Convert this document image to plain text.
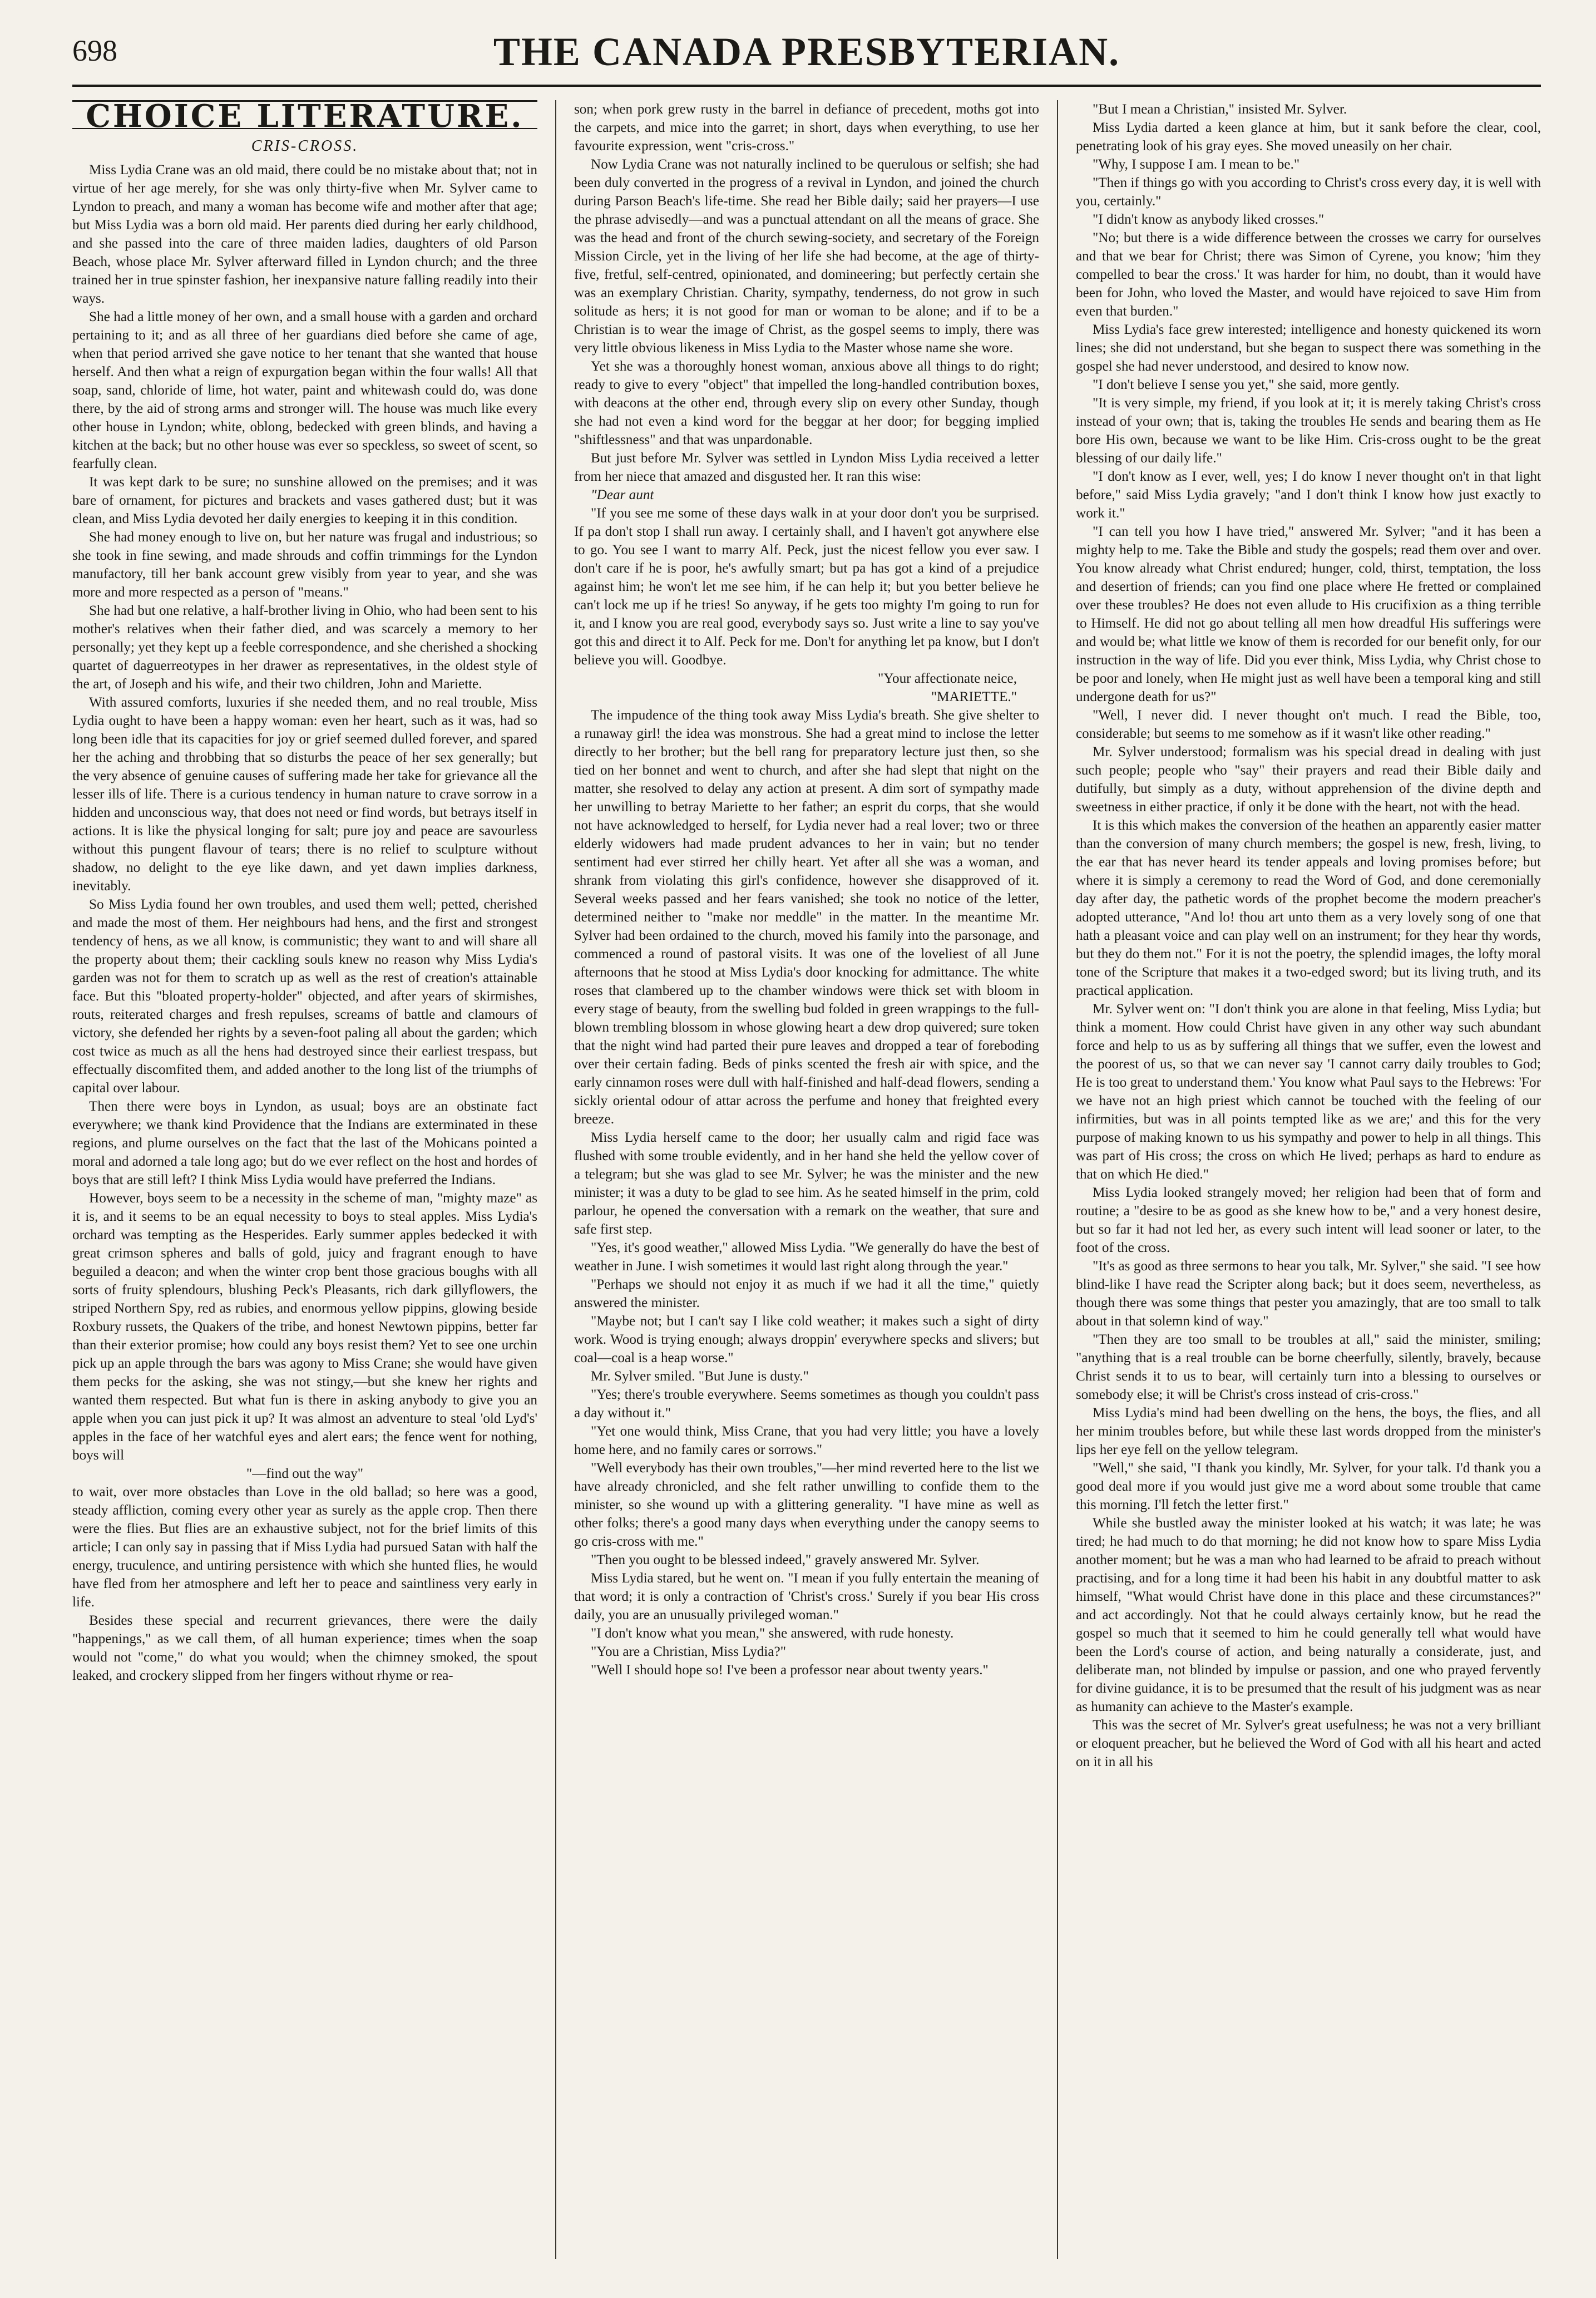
698	THE CANADA PRESBYTERIAN.
CHOICE LITERATURE.
CRIS-CROSS.

Miss Lydia Crane was an old maid, there could be no mistake about that; not in virtue of her age merely, for she was only thirty-five when Mr. Sylver came to Lyndon to preach, and many a woman has become wife and mother after that age; but Miss Lydia was a born old maid. Her parents died during her early childhood, and she passed into the care of three maiden ladies, daughters of old Parson Beach, whose place Mr. Sylver afterward filled in Lyndon church; and the three trained her in true spinster fashion, her inexpansive nature falling readily into their ways.

She had a little money of her own, and a small house with a garden and orchard pertaining to it; and as all three of her guardians died before she came of age, when that period arrived she gave notice to her tenant that she wanted that house herself. And then what a reign of expurgation began within the four walls! All that soap, sand, chloride of lime, hot water, paint and whitewash could do, was done there, by the aid of strong arms and stronger will. The house was much like every other house in Lyndon; white, oblong, bedecked with green blinds, and having a kitchen at the back; but no other house was ever so speckless, so sweet of scent, so fearfully clean.

It was kept dark to be sure; no sunshine allowed on the premises; and it was bare of ornament, for pictures and brackets and vases gathered dust; but it was clean, and Miss Lydia devoted her daily energies to keeping it in this condition.

She had money enough to live on, but her nature was frugal and industrious; so she took in fine sewing, and made shrouds and coffin trimmings for the Lyndon manufactory, till her bank account grew visibly from year to year, and she was more and more respected as a person of "means."

She had but one relative, a half-brother living in Ohio, who had been sent to his mother's relatives when their father died, and was scarcely a memory to her personally; yet they kept up a feeble correspondence, and she cherished a shocking quartet of daguerreotypes in her drawer as representatives, in the oldest style of the art, of Joseph and his wife, and their two children, John and Mariette.

With assured comforts, luxuries if she needed them, and no real trouble, Miss Lydia ought to have been a happy woman: even her heart, such as it was, had so long been idle that its capacities for joy or grief seemed dulled forever, and spared her the aching and throbbing that so disturbs the peace of her sex generally; but the very absence of genuine causes of suffering made her take for grievance all the lesser ills of life. There is a curious tendency in human nature to crave sorrow in a hidden and unconscious way, that does not need or find words, but betrays itself in actions. It is like the physical longing for salt; pure joy and peace are savourless without this pungent flavour of tears; there is no relief to sculpture without shadow, no delight to the eye like dawn, and yet dawn implies darkness, inevitably.

So Miss Lydia found her own troubles, and used them well; petted, cherished and made the most of them. Her neighbours had hens, and the first and strongest tendency of hens, as we all know, is communistic; they want to and will share all the property about them; their cackling souls knew no reason why Miss Lydia's garden was not for them to scratch up as well as the rest of creation's attainable face. But this "bloated property-holder" objected, and after years of skirmishes, routs, reiterated charges and fresh repulses, screams of battle and clamours of victory, she defended her rights by a seven-foot paling all about the garden; which cost twice as much as all the hens had destroyed since their earliest trespass, but effectually discomfited them, and added another to the long list of the triumphs of capital over labour.

Then there were boys in Lyndon, as usual; boys are an obstinate fact everywhere; we thank kind Providence that the Indians are exterminated in these regions, and plume ourselves on the fact that the last of the Mohicans pointed a moral and adorned a tale long ago; but do we ever reflect on the host and hordes of boys that are still left? I think Miss Lydia would have preferred the Indians.

However, boys seem to be a necessity in the scheme of man, "mighty maze" as it is, and it seems to be an equal necessity to boys to steal apples. Miss Lydia's orchard was tempting as the Hesperides. Early summer apples bedecked it with great crimson spheres and balls of gold, juicy and fragrant enough to have beguiled a deacon; and when the winter crop bent those gracious boughs with all sorts of fruity splendours, blushing Peck's Pleasants, rich dark gillyflowers, the striped Northern Spy, red as rubies, and enormous yellow pippins, glowing beside Roxbury russets, the Quakers of the tribe, and honest Newtown pippins, better far than their exterior promise; how could any boys resist them? Yet to see one urchin pick up an apple through the bars was agony to Miss Crane; she would have given them pecks for the asking, she was not stingy,—but she knew her rights and wanted them respected. But what fun is there in asking anybody to give you an apple when you can just pick it up? It was almost an adventure to steal 'old Lyd's' apples in the face of her watchful eyes and alert ears; the fence went for nothing, boys will

"—find out the way"

to wait, over more obstacles than Love in the old ballad; so here was a good, steady affliction, coming every other year as surely as the apple crop. Then there were the flies. But flies are an exhaustive subject, not for the brief limits of this article; I can only say in passing that if Miss Lydia had pursued Satan with half the energy, truculence, and untiring persistence with which she hunted flies, he would have fled from her atmosphere and left her to peace and saintliness very early in life.

Besides these special and recurrent grievances, there were the daily "happenings," as we call them, of all human experience; times when the soap would not "come," do what you would; when the chimney smoked, the spout leaked, and crockery slipped from her fingers without rhyme or rea-

son; when pork grew rusty in the barrel in defiance of precedent, moths got into the carpets, and mice into the garret; in short, days when everything, to use her favourite expression, went "cris-cross."

Now Lydia Crane was not naturally inclined to be querulous or selfish; she had been duly converted in the progress of a revival in Lyndon, and joined the church during Parson Beach's life-time. She read her Bible daily; said her prayers—I use the phrase advisedly—and was a punctual attendant on all the means of grace. She was the head and front of the church sewing-society, and secretary of the Foreign Mission Circle, yet in the living of her life she had become, at the age of thirty-five, fretful, self-centred, opinionated, and domineering; but perfectly certain she was an exemplary Christian. Charity, sympathy, tenderness, do not grow in such solitude as hers; it is not good for man or woman to be alone; and if to be a Christian is to wear the image of Christ, as the gospel seems to imply, there was very little obvious likeness in Miss Lydia to the Master whose name she wore.

Yet she was a thoroughly honest woman, anxious above all things to do right; ready to give to every "object" that impelled the long-handled contribution boxes, with deacons at the other end, through every slip on every other Sunday, though she had not even a kind word for the beggar at her door; for begging implied "shiftlessness" and that was unpardonable.

But just before Mr. Sylver was settled in Lyndon Miss Lydia received a letter from her niece that amazed and disgusted her. It ran this wise:

"Dear aunt

"If you see me some of these days walk in at your door don't you be surprised. If pa don't stop I shall run away. I certainly shall, and I haven't got anywhere else to go. You see I want to marry Alf. Peck, just the nicest fellow you ever saw. I don't care if he is poor, he's awfully smart; but pa has got a kind of a prejudice against him; he won't let me see him, if he can help it; but you better believe he can't lock me up if he tries! So anyway, if he gets too mighty I'm going to run for it, and I know you are real good, everybody says so. Just write a line to say you've got this and direct it to Alf. Peck for me. Don't for anything let pa know, but I don't believe you will. Goodbye.

"Your affectionate neice,

"MARIETTE."

The impudence of the thing took away Miss Lydia's breath. She give shelter to a runaway girl! the idea was monstrous. She had a great mind to inclose the letter directly to her brother; but the bell rang for preparatory lecture just then, so she tied on her bonnet and went to church, and after she had slept that night on the matter, she resolved to delay any action at present. A dim sort of sympathy made her unwilling to betray Mariette to her father; an esprit du corps, that she would not have acknowledged to herself, for Lydia never had a real lover; two or three elderly widowers had made prudent advances to her in vain; but no tender sentiment had ever stirred her chilly heart. Yet after all she was a woman, and shrank from violating this girl's confidence, however she disapproved of it. Several weeks passed and her fears vanished; she took no notice of the letter, determined neither to "make nor meddle" in the matter. In the meantime Mr. Sylver had been ordained to the church, moved his family into the parsonage, and commenced a round of pastoral visits. It was one of the loveliest of all June afternoons that he stood at Miss Lydia's door knocking for admittance. The white roses that clambered up to the chamber windows were thick set with bloom in every stage of beauty, from the swelling bud folded in green wrappings to the full-blown trembling blossom in whose glowing heart a dew drop quivered; sure token that the night wind had parted their pure leaves and dropped a tear of foreboding over their certain fading. Beds of pinks scented the fresh air with spice, and the early cinnamon roses were dull with half-finished and half-dead flowers, sending a sickly oriental odour of attar across the perfume and honey that freighted every breeze.

Miss Lydia herself came to the door; her usually calm and rigid face was flushed with some trouble evidently, and in her hand she held the yellow cover of a telegram; but she was glad to see Mr. Sylver; he was the minister and the new minister; it was a duty to be glad to see him. As he seated himself in the prim, cold parlour, he opened the conversation with a remark on the weather, that sure and safe first step.

"Yes, it's good weather," allowed Miss Lydia. "We generally do have the best of weather in June. I wish sometimes it would last right along through the year."

"Perhaps we should not enjoy it as much if we had it all the time," quietly answered the minister.

"Maybe not; but I can't say I like cold weather; it makes such a sight of dirty work. Wood is trying enough; always droppin' everywhere specks and slivers; but coal—coal is a heap worse."

Mr. Sylver smiled. "But June is dusty."

"Yes; there's trouble everywhere. Seems sometimes as though you couldn't pass a day without it."

"Yet one would think, Miss Crane, that you had very little; you have a lovely home here, and no family cares or sorrows."

"Well everybody has their own troubles,"—her mind reverted here to the list we have already chronicled, and she felt rather unwilling to confide them to the minister, so she wound up with a glittering generality. "I have mine as well as other folks; there's a good many days when everything under the canopy seems to go cris-cross with me."

"Then you ought to be blessed indeed," gravely answered Mr. Sylver.

Miss Lydia stared, but he went on. "I mean if you fully entertain the meaning of that word; it is only a contraction of 'Christ's cross.' Surely if you bear His cross daily, you are an unusually privileged woman."

"I don't know what you mean," she answered, with rude honesty.

"You are a Christian, Miss Lydia?"

"Well I should hope so! I've been a professor near about twenty years."

"But I mean a Christian," insisted Mr. Sylver.

Miss Lydia darted a keen glance at him, but it sank before the clear, cool, penetrating look of his gray eyes. She moved uneasily on her chair.

"Why, I suppose I am. I mean to be."

"Then if things go with you according to Christ's cross every day, it is well with you, certainly."

"I didn't know as anybody liked crosses."

"No; but there is a wide difference between the crosses we carry for ourselves and that we bear for Christ; there was Simon of Cyrene, you know; 'him they compelled to bear the cross.' It was harder for him, no doubt, than it would have been for John, who loved the Master, and would have rejoiced to save Him from even that burden."

Miss Lydia's face grew interested; intelligence and honesty quickened its worn lines; she did not understand, but she began to suspect there was something in the gospel she had never understood, and desired to know now.

"I don't believe I sense you yet," she said, more gently.

"It is very simple, my friend, if you look at it; it is merely taking Christ's cross instead of your own; that is, taking the troubles He sends and bearing them as He bore His own, because we want to be like Him. Cris-cross ought to be the great blessing of our daily life."

"I don't know as I ever, well, yes; I do know I never thought on't in that light before," said Miss Lydia gravely; "and I don't think I know how just exactly to work it."

"I can tell you how I have tried," answered Mr. Sylver; "and it has been a mighty help to me. Take the Bible and study the gospels; read them over and over. You know already what Christ endured; hunger, cold, thirst, temptation, the loss and desertion of friends; can you find one place where He fretted or complained over these troubles? He does not even allude to His crucifixion as a thing terrible to Himself. He did not go about telling all men how dreadful His sufferings were and would be; what little we know of them is recorded for our benefit only, for our instruction in the way of life. Did you ever think, Miss Lydia, why Christ chose to be poor and lonely, when He might just as well have been a temporal king and still undergone death for us?"

"Well, I never did. I never thought on't much. I read the Bible, too, considerable; but seems to me somehow as if it wasn't like other reading."

Mr. Sylver understood; formalism was his special dread in dealing with just such people; people who "say" their prayers and read their Bible daily and dutifully, but simply as a duty, without apprehension of the divine depth and sweetness in either practice, if only it be done with the heart, not with the head.

It is this which makes the conversion of the heathen an apparently easier matter than the conversion of many church members; the gospel is new, fresh, living, to the ear that has never heard its tender appeals and loving promises before; but where it is simply a ceremony to read the Word of God, and done ceremonially day after day, the pathetic words of the prophet become the modern preacher's adopted utterance, "And lo! thou art unto them as a very lovely song of one that hath a pleasant voice and can play well on an instrument; for they hear thy words, but they do them not." For it is not the poetry, the splendid images, the lofty moral tone of the Scripture that makes it a two-edged sword; but its living truth, and its practical application.

Mr. Sylver went on: "I don't think you are alone in that feeling, Miss Lydia; but think a moment. How could Christ have given in any other way such abundant force and help to us as by suffering all things that we suffer, even the lowest and the poorest of us, so that we can never say 'I cannot carry daily troubles to God; He is too great to understand them.' You know what Paul says to the Hebrews: 'For we have not an high priest which cannot be touched with the feeling of our infirmities, but was in all points tempted like as we are;' and this for the very purpose of making known to us his sympathy and power to help in all things. This was part of His cross; the cross on which He lived; perhaps as hard to endure as that on which He died."

Miss Lydia looked strangely moved; her religion had been that of form and routine; a "desire to be as good as she knew how to be," and a very honest desire, but so far it had not led her, as every such intent will lead sooner or later, to the foot of the cross.

"It's as good as three sermons to hear you talk, Mr. Sylver," she said. "I see how blind-like I have read the Scripter along back; but it does seem, nevertheless, as though there was some things that pester you amazingly, that are too small to talk about in that solemn kind of way."

"Then they are too small to be troubles at all," said the minister, smiling; "anything that is a real trouble can be borne cheerfully, silently, bravely, because Christ sends it to us to bear, will certainly turn into a blessing to ourselves or somebody else; it will be Christ's cross instead of cris-cross."

Miss Lydia's mind had been dwelling on the hens, the boys, the flies, and all her minim troubles before, but while these last words dropped from the minister's lips her eye fell on the yellow telegram.

"Well," she said, "I thank you kindly, Mr. Sylver, for your talk. I'd thank you a good deal more if you would just give me a word about some trouble that came this morning. I'll fetch the letter first."

While she bustled away the minister looked at his watch; it was late; he was tired; he had much to do that morning; he did not know how to spare Miss Lydia another moment; but he was a man who had learned to be afraid to preach without practising, and for a long time it had been his habit in any doubtful matter to ask himself, "What would Christ have done in this place and these circumstances?" and act accordingly. Not that he could always certainly know, but he read the gospel so much that it seemed to him he could generally tell what would have been the Lord's course of action, and being naturally a considerate, just, and deliberate man, not blinded by impulse or passion, and one who prayed fervently for divine guidance, it is to be presumed that the result of his judgment was as near as humanity can achieve to the Master's example.

This was the secret of Mr. Sylver's great usefulness; he was not a very brilliant or eloquent preacher, but he believed the Word of God with all his heart and acted on it in all his
